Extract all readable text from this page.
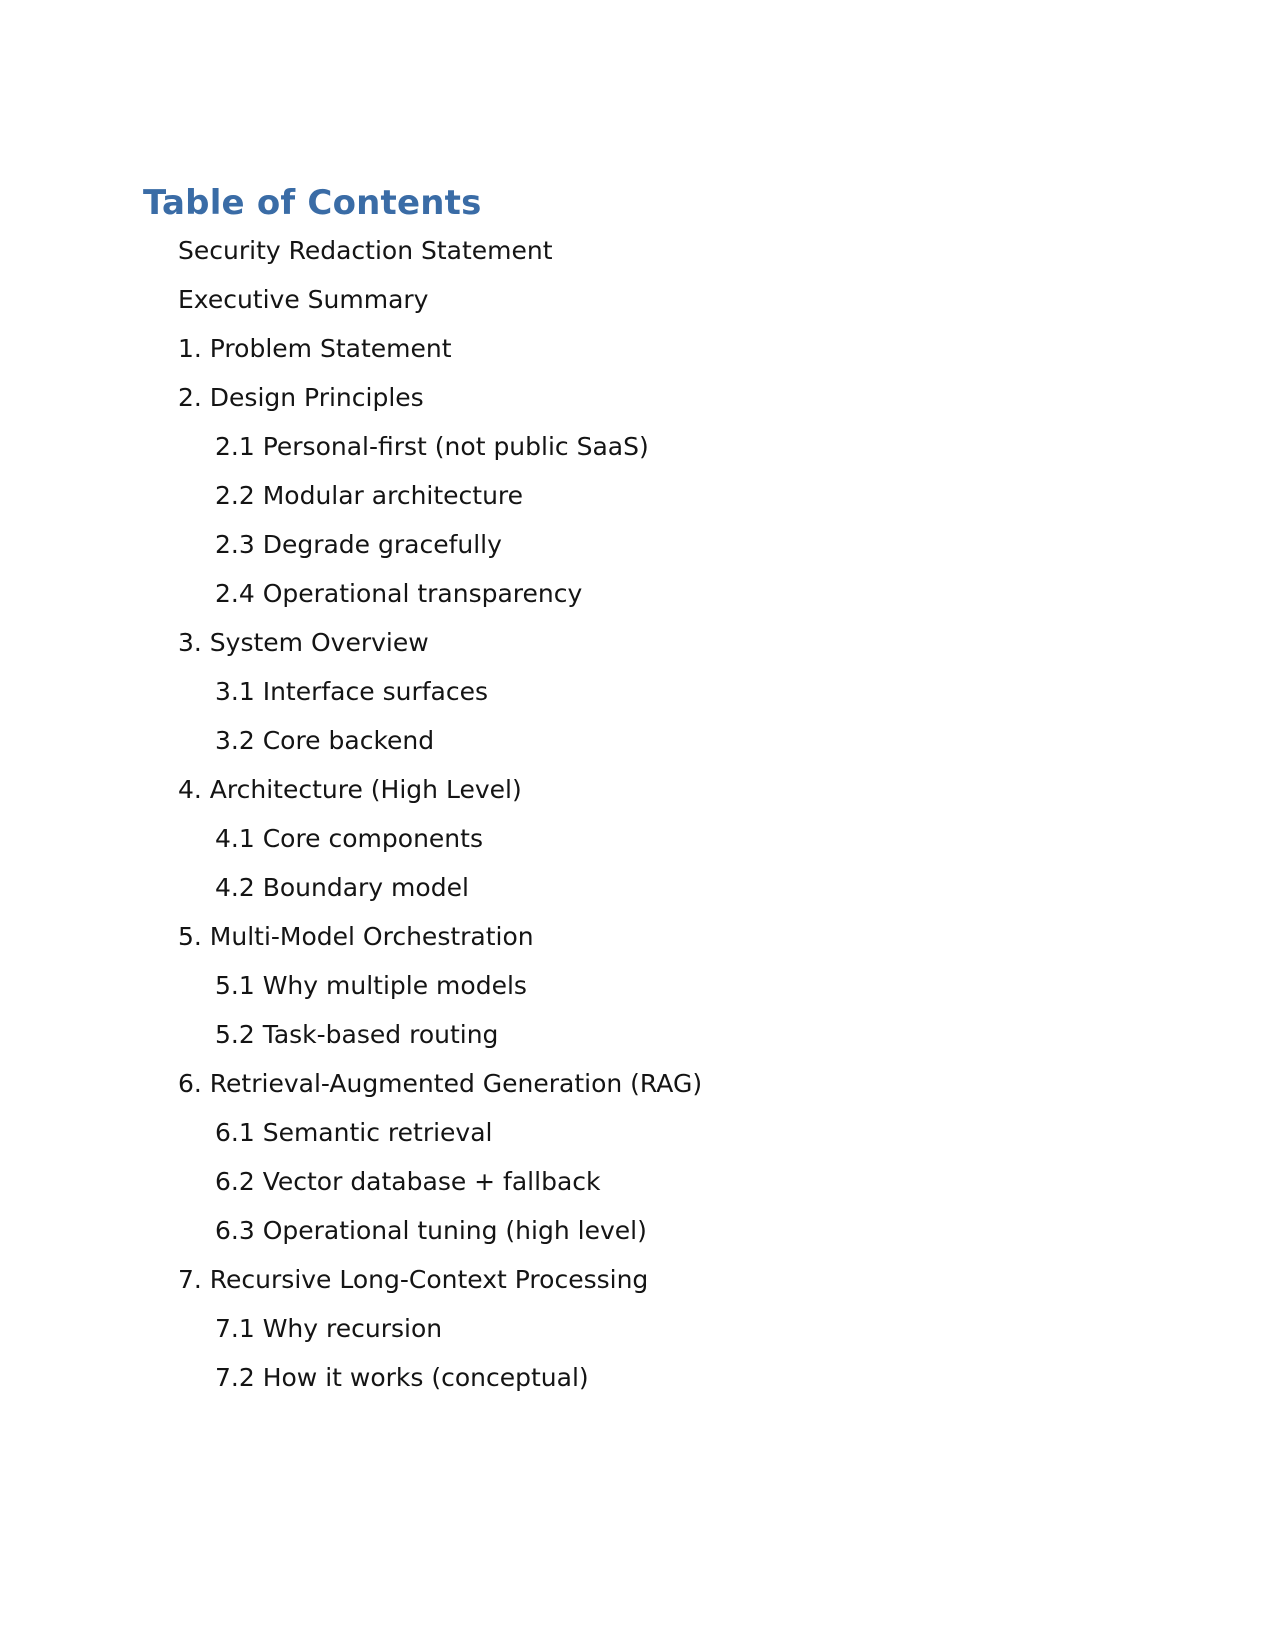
Table of Contents
Security Redaction Statement
Executive Summary
1. Problem Statement
2. Design Principles
2.1 Personal-first (not public SaaS)
2.2 Modular architecture
2.3 Degrade gracefully
2.4 Operational transparency
3. System Overview
3.1 Interface surfaces
3.2 Core backend
4. Architecture (High Level)
4.1 Core components
4.2 Boundary model
5. Multi-Model Orchestration
5.1 Why multiple models
5.2 Task-based routing
6. Retrieval-Augmented Generation (RAG)
6.1 Semantic retrieval
6.2 Vector database + fallback
6.3 Operational tuning (high level)
7. Recursive Long-Context Processing
7.1 Why recursion
7.2 How it works (conceptual)
